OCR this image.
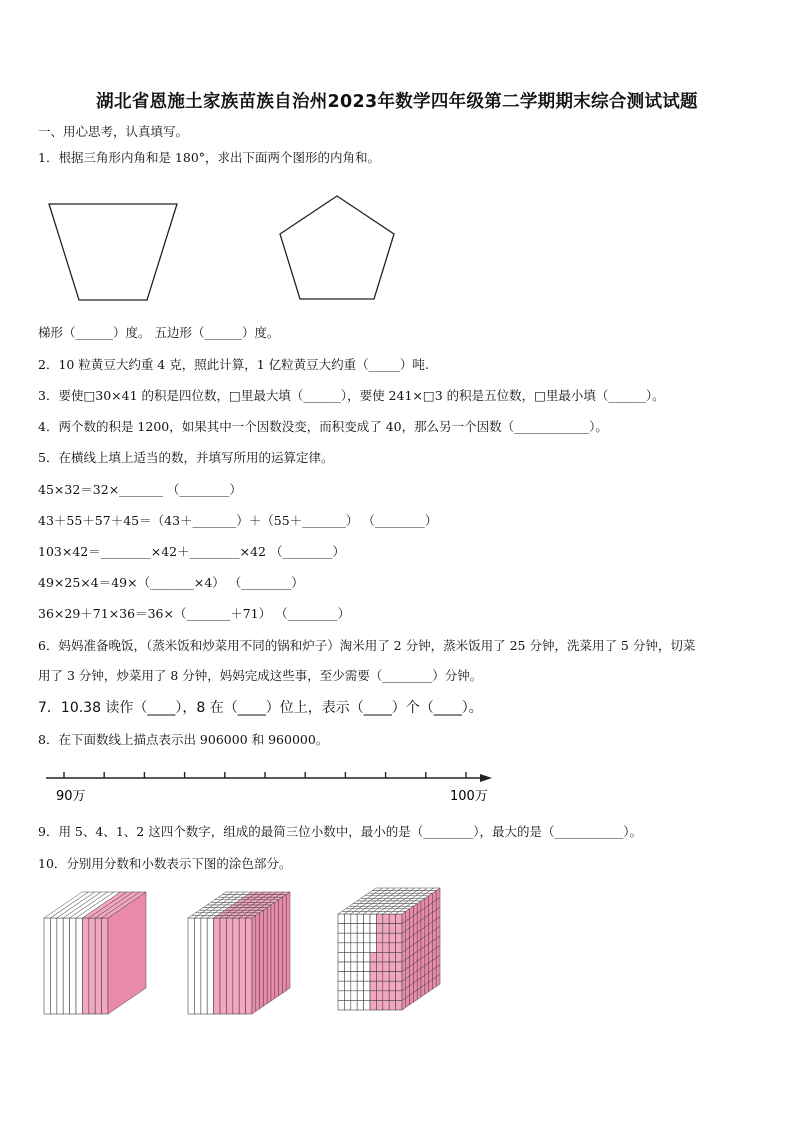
湖北省恩施土家族苗族自治州2023年数学四年级第二学期期末综合测试试题
一、用心思考，认真填写。
1．根据三角形内角和是 180°，求出下面两个图形的内角和。
梯形（______）度。 五边形（______）度。
2．10 粒黄豆大约重 4 克，照此计算，1 亿粒黄豆大约重（_____）吨.
3．要使□30×41 的积是四位数，□里最大填（______），要使 241×□3 的积是五位数，□里最小填（______）。
4．两个数的积是 1200，如果其中一个因数没变，而积变成了 40，那么另一个因数（____________）。
5．在横线上填上适当的数，并填写所用的运算定律。
45×32＝32×_______ （________）
43＋55＋57＋45＝（43＋_______）＋（55＋_______） （________）
103×42＝________×42＋________×42 （________）
49×25×4＝49×（_______×4） （________）
36×29＋71×36＝36×（_______＋71） （________）
6．妈妈准备晚饭，（蒸米饭和炒菜用不同的锅和炉子）淘米用了 2 分钟，蒸米饭用了 25 分钟，洗菜用了 5 分钟，切菜
用了 3 分钟，炒菜用了 8 分钟，妈妈完成这些事，至少需要（________）分钟。
7．10.38 读作（____），8 在（____）位上，表示（____）个（____）。
8．在下面数线上描点表示出 906000 和 960000。
90万	100万
9．用 5、4、1、2 这四个数字，组成的最简三位小数中，最小的是（________），最大的是（___________）。
10．分别用分数和小数表示下图的涂色部分。
